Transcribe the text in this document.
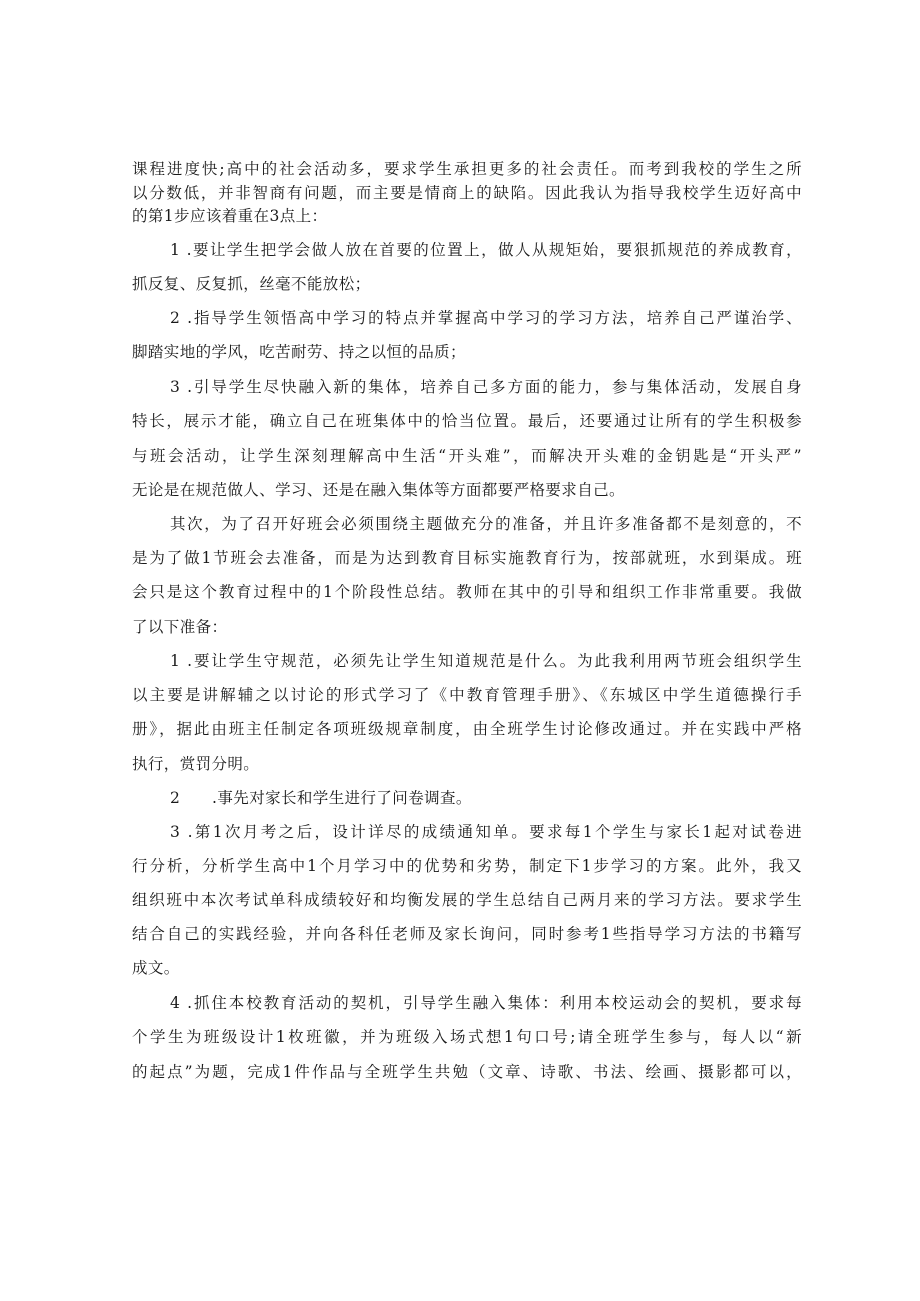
课程进度快;高中的社会活动多，要求学生承担更多的社会责任。而考到我校的学生之所
以分数低，并非智商有问题，而主要是情商上的缺陷。因此我认为指导我校学生迈好高中
的第1步应该着重在3点上：
1 .要让学生把学会做人放在首要的位置上，做人从规矩始，要狠抓规范的养成教育，
抓反复、反复抓，丝毫不能放松；
2 .指导学生领悟高中学习的特点并掌握高中学习的学习方法，培养自己严谨治学、
脚踏实地的学风，吃苦耐劳、持之以恒的品质；
3 .引导学生尽快融入新的集体，培养自己多方面的能力，参与集体活动，发展自身
特长，展示才能，确立自己在班集体中的恰当位置。最后，还要通过让所有的学生积极参
与班会活动，让学生深刻理解高中生活“开头难”，而解决开头难的金钥匙是“开头严”
无论是在规范做人、学习、还是在融入集体等方面都要严格要求自己。
其次，为了召开好班会必须围绕主题做充分的准备，并且许多准备都不是刻意的，不
是为了做1节班会去准备，而是为达到教育目标实施教育行为，按部就班，水到渠成。班
会只是这个教育过程中的1个阶段性总结。教师在其中的引导和组织工作非常重要。我做
了以下准备：
1 .要让学生守规范，必须先让学生知道规范是什么。为此我利用两节班会组织学生
以主要是讲解辅之以讨论的形式学习了《中教育管理手册》、《东城区中学生道德操行手
册》，据此由班主任制定各项班级规章制度，由全班学生讨论修改通过。并在实践中严格
执行，赏罚分明。
2　　.事先对家长和学生进行了问卷调查。
3 .第1次月考之后，设计详尽的成绩通知单。要求每1个学生与家长1起对试卷进
行分析，分析学生高中1个月学习中的优势和劣势，制定下1步学习的方案。此外，我又
组织班中本次考试单科成绩较好和均衡发展的学生总结自己两月来的学习方法。要求学生
结合自己的实践经验，并向各科任老师及家长询问，同时参考1些指导学习方法的书籍写
成文。
4 .抓住本校教育活动的契机，引导学生融入集体：利用本校运动会的契机，要求每
个学生为班级设计1枚班徽，并为班级入场式想1句口号;请全班学生参与，每人以“新
的起点”为题，完成1件作品与全班学生共勉（文章、诗歌、书法、绘画、摄影都可以，
